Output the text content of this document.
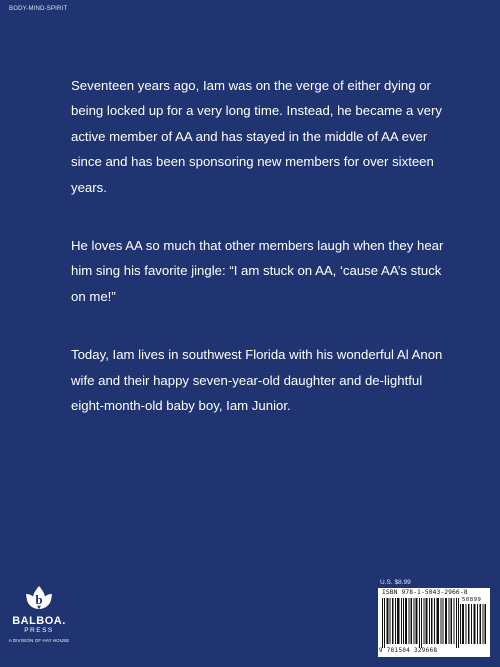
BODY-MIND-SPIRIT

Seventeen years ago, Iam was on the verge of either dying or being locked up for a very long time. Instead, he became a very active member of AA and has stayed in the middle of AA ever since and has been sponsoring new members for over sixteen years.

He loves AA so much that other members laugh when they hear him sing his favorite jingle: “I am stuck on AA, ‘cause AA’s stuck on me!”

Today, Iam lives in southwest Florida with his wonderful Al Anon wife and their happy seven-year-old daughter and de-lightful eight-month-old baby boy, Iam Junior.

b
BALBOA.
PRESS
A DIVISION OF HAY HOUSE
U.S. $8.99
ISBN 978-1-5043-2966-8
50899
9 781504 329668
